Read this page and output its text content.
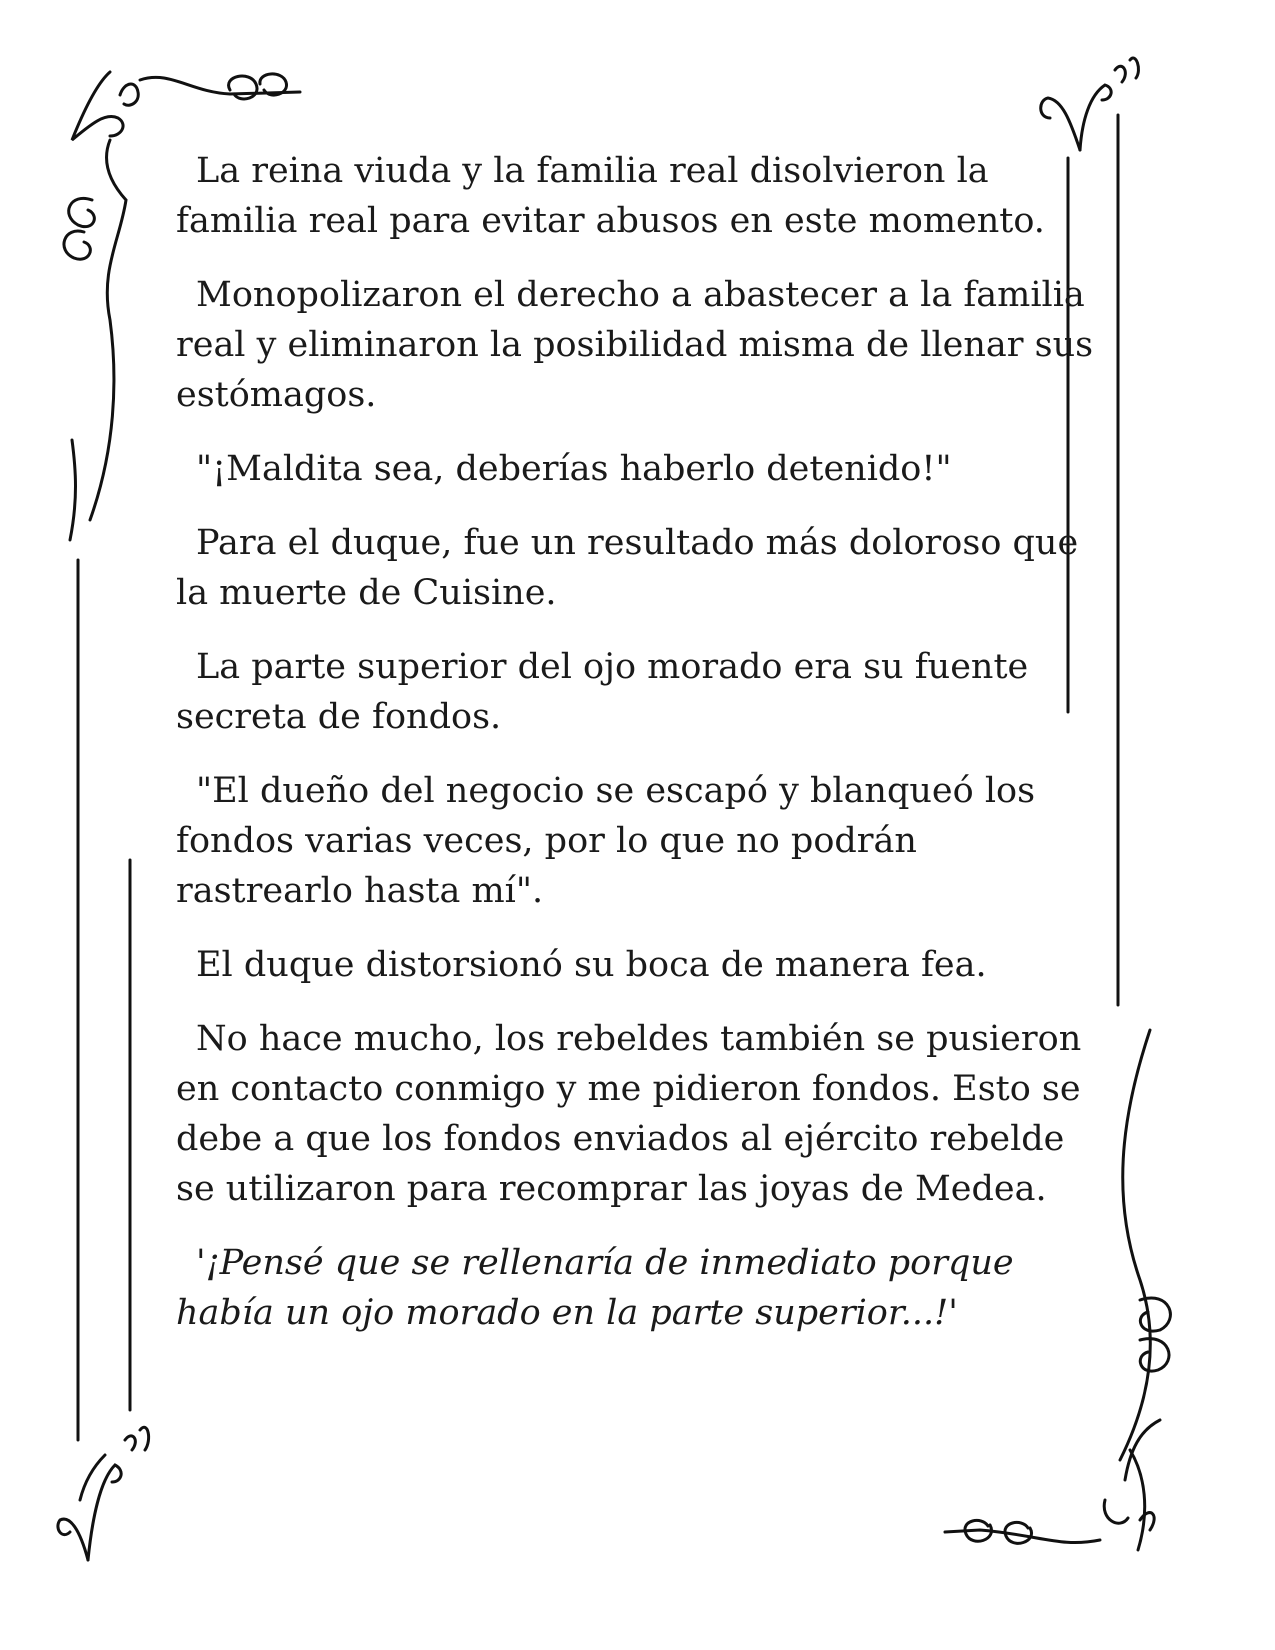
La reina viuda y la familia real disolvieron la familia real para evitar abusos en este momento.

Monopolizaron el derecho a abastecer a la familia real y eliminaron la posibilidad misma de llenar sus estómagos.

"¡Maldita sea, deberías haberlo detenido!"

Para el duque, fue un resultado más doloroso que la muerte de Cuisine.

La parte superior del ojo morado era su fuente secreta de fondos.

"El dueño del negocio se escapó y blanqueó los fondos varias veces, por lo que no podrán rastrearlo hasta mí".

El duque distorsionó su boca de manera fea.

No hace mucho, los rebeldes también se pusieron en contacto conmigo y me pidieron fondos. Esto se debe a que los fondos enviados al ejército rebelde se utilizaron para recomprar las joyas de Medea.

'¡Pensé que se rellenaría de inmediato porque había un ojo morado en la parte superior...!'
